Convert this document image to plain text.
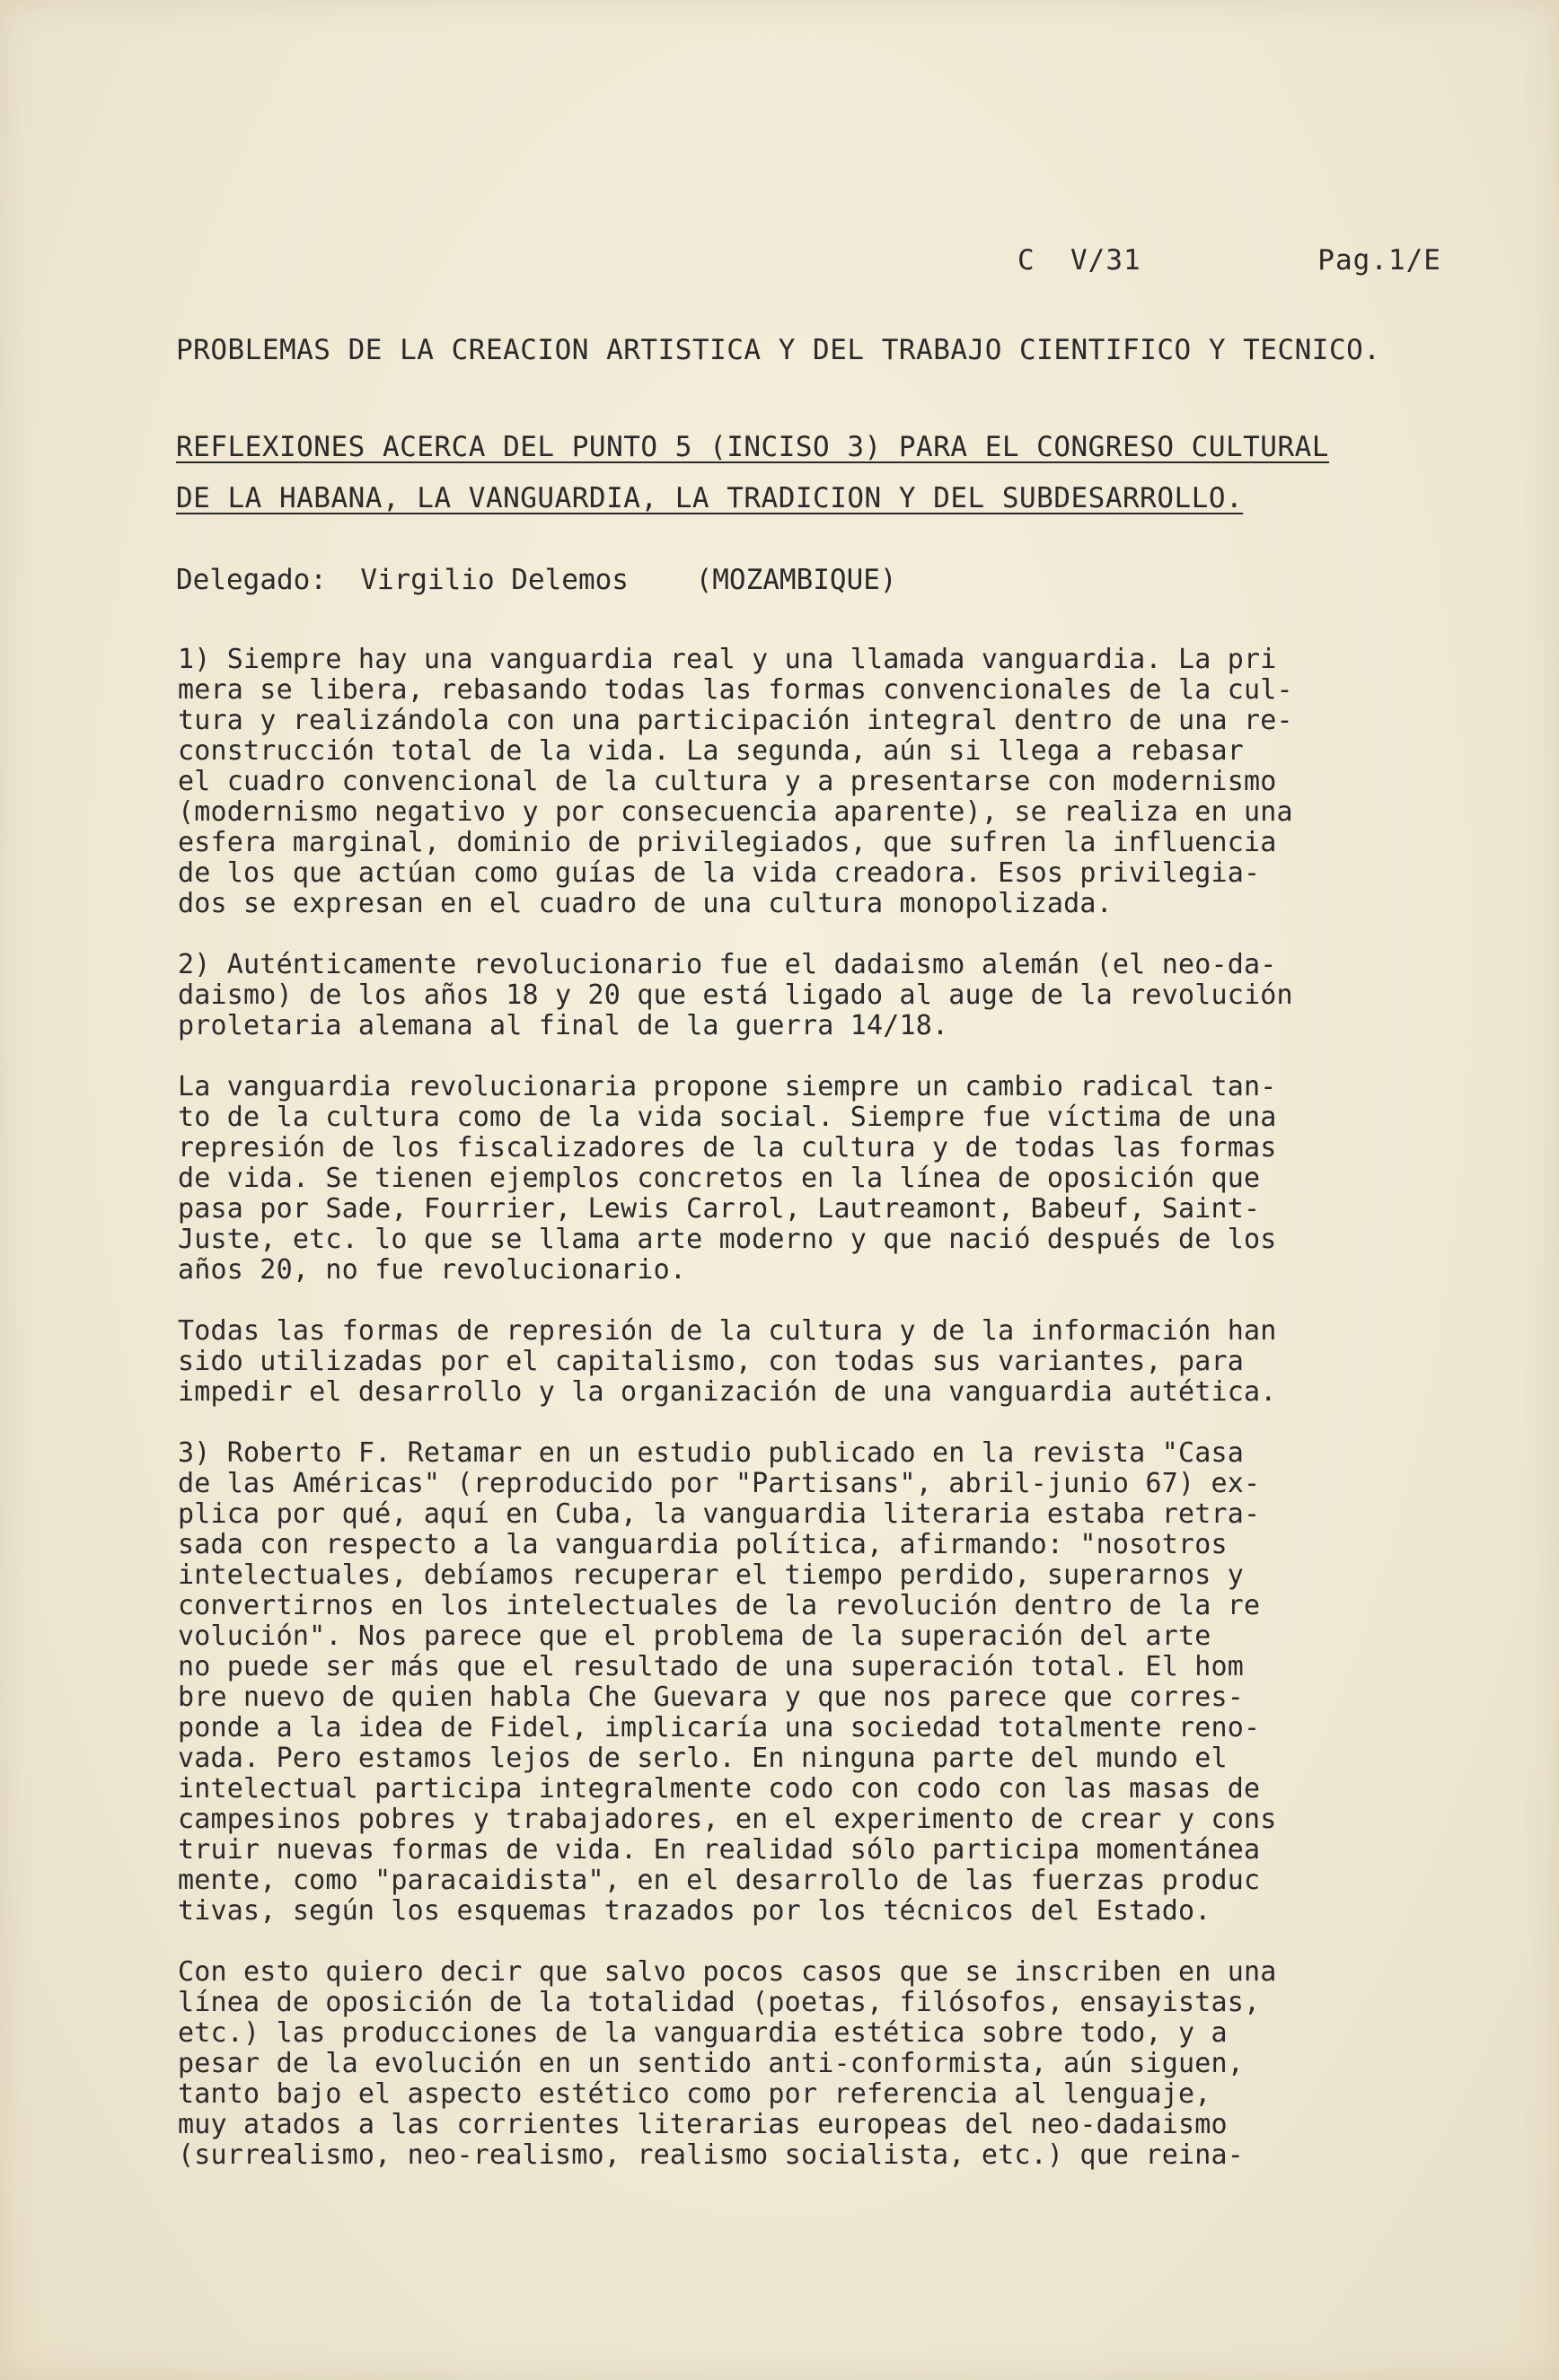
C  V/31	Pag.1/E
PROBLEMAS DE LA CREACION ARTISTICA Y DEL TRABAJO CIENTIFICO Y TECNICO.
REFLEXIONES ACERCA DEL PUNTO 5 (INCISO 3) PARA EL CONGRESO CULTURAL
DE LA HABANA, LA VANGUARDIA, LA TRADICION Y DEL SUBDESARROLLO.
Delegado: Virgilio Delemos (MOZAMBIQUE)
1) Siempre hay una vanguardia real y una llamada vanguardia. La pri
mera se libera, rebasando todas las formas convencionales de la cul-
tura y realizándola con una participación integral dentro de una re-
construcción total de la vida. La segunda, aún si llega a rebasar
el cuadro convencional de la cultura y a presentarse con modernismo
(modernismo negativo y por consecuencia aparente), se realiza en una
esfera marginal, dominio de privilegiados, que sufren la influencia
de los que actúan como guías de la vida creadora. Esos privilegia-
dos se expresan en el cuadro de una cultura monopolizada.
2) Auténticamente revolucionario fue el dadaismo alemán (el neo-da-
daismo) de los años 18 y 20 que está ligado al auge de la revolución
proletaria alemana al final de la guerra 14/18.
La vanguardia revolucionaria propone siempre un cambio radical tan-
to de la cultura como de la vida social. Siempre fue víctima de una
represión de los fiscalizadores de la cultura y de todas las formas
de vida. Se tienen ejemplos concretos en la línea de oposición que
pasa por Sade, Fourrier, Lewis Carrol, Lautreamont, Babeuf, Saint-
Juste, etc. lo que se llama arte moderno y que nació después de los
años 20, no fue revolucionario.
Todas las formas de represión de la cultura y de la información han
sido utilizadas por el capitalismo, con todas sus variantes, para
impedir el desarrollo y la organización de una vanguardia autética.
3) Roberto F. Retamar en un estudio publicado en la revista "Casa
de las Américas" (reproducido por "Partisans", abril-junio 67) ex-
plica por qué, aquí en Cuba, la vanguardia literaria estaba retra-
sada con respecto a la vanguardia política, afirmando: "nosotros
intelectuales, debíamos recuperar el tiempo perdido, superarnos y
convertirnos en los intelectuales de la revolución dentro de la re
volución". Nos parece que el problema de la superación del arte
no puede ser más que el resultado de una superación total. El hom
bre nuevo de quien habla Che Guevara y que nos parece que corres-
ponde a la idea de Fidel, implicaría una sociedad totalmente reno-
vada. Pero estamos lejos de serlo. En ninguna parte del mundo el
intelectual participa integralmente codo con codo con las masas de
campesinos pobres y trabajadores, en el experimento de crear y cons
truir nuevas formas de vida. En realidad sólo participa momentánea
mente, como "paracaidista", en el desarrollo de las fuerzas produc
tivas, según los esquemas trazados por los técnicos del Estado.
Con esto quiero decir que salvo pocos casos que se inscriben en una
línea de oposición de la totalidad (poetas, filósofos, ensayistas,
etc.) las producciones de la vanguardia estética sobre todo, y a
pesar de la evolución en un sentido anti-conformista, aún siguen,
tanto bajo el aspecto estético como por referencia al lenguaje,
muy atados a las corrientes literarias europeas del neo-dadaismo
(surrealismo, neo-realismo, realismo socialista, etc.) que reina-
